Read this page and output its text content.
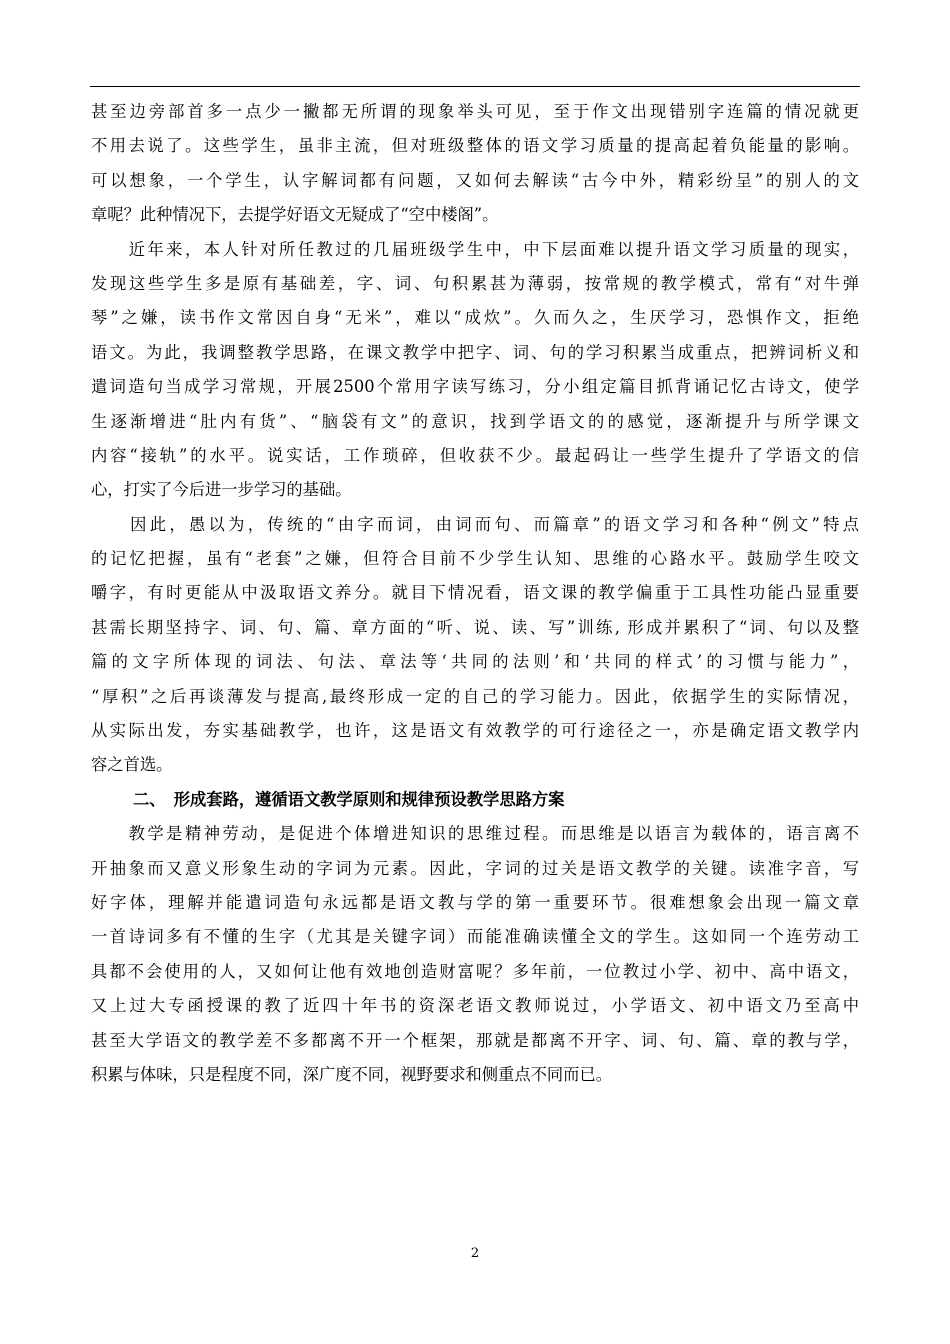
甚至边旁部首多一点少一撇都无所谓的现象举头可见，至于作文出现错别字连篇的情况就更
不用去说了。这些学生，虽非主流，但对班级整体的语文学习质量的提高起着负能量的影响。
可以想象，一个学生，认字解词都有问题，又如何去解读“古今中外，精彩纷呈”的别人的文
章呢？此种情况下，去提学好语文无疑成了“空中楼阁”。
　　近年来，本人针对所任教过的几届班级学生中，中下层面难以提升语文学习质量的现实，
发现这些学生多是原有基础差，字、词、句积累甚为薄弱，按常规的教学模式，常有“对牛弹
琴”之嫌，读书作文常因自身“无米”，难以“成炊”。久而久之，生厌学习，恐惧作文，拒绝
语文。为此，我调整教学思路，在课文教学中把字、词、句的学习积累当成重点，把辨词析义和
遣词造句当成学习常规，开展2500个常用字读写练习，分小组定篇目抓背诵记忆古诗文，使学
生逐渐增进“肚内有货”、“脑袋有文”的意识，找到学语文的的感觉，逐渐提升与所学课文
内容“接轨”的水平。说实话，工作琐碎，但收获不少。最起码让一些学生提升了学语文的信
心，打实了今后进一步学习的基础。
　　因此，愚以为，传统的“由字而词，由词而句、而篇章”的语文学习和各种“例文”特点
的记忆把握，虽有“老套”之嫌，但符合目前不少学生认知、思维的心路水平。鼓励学生咬文
嚼字，有时更能从中汲取语文养分。就目下情况看，语文课的教学偏重于工具性功能凸显重要
甚需长期坚持字、词、句、篇、章方面的“听、说、读、写”训练, 形成并累积了“词、句以及整
篇的文字所体现的词法、句法、章法等‘共同的法则’和‘共同的样式’的习惯与能力”，
“厚积”之后再谈薄发与提高,最终形成一定的自己的学习能力。因此，依据学生的实际情况，
从实际出发，夯实基础教学，也许，这是语文有效教学的可行途径之一，亦是确定语文教学内
容之首选。
二、　形成套路，遵循语文教学原则和规律预设教学思路方案
　　教学是精神劳动，是促进个体增进知识的思维过程。而思维是以语言为载体的，语言离不
开抽象而又意义形象生动的字词为元素。因此，字词的过关是语文教学的关键。读准字音，写
好字体，理解并能遣词造句永远都是语文教与学的第一重要环节。很难想象会出现一篇文章
一首诗词多有不懂的生字（尤其是关键字词）而能准确读懂全文的学生。这如同一个连劳动工
具都不会使用的人，又如何让他有效地创造财富呢？多年前，一位教过小学、初中、高中语文，
又上过大专函授课的教了近四十年书的资深老语文教师说过，小学语文、初中语文乃至高中
甚至大学语文的教学差不多都离不开一个框架，那就是都离不开字、词、句、篇、章的教与学，
积累与体味，只是程度不同，深广度不同，视野要求和侧重点不同而已。
2
